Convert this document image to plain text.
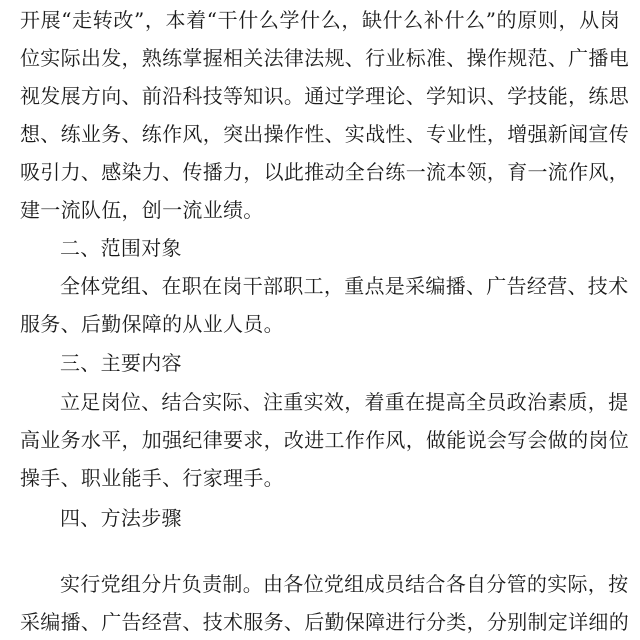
开展“走转改”，本着“干什么学什么，缺什么补什么”的原则，从岗
位实际出发，熟练掌握相关法律法规、行业标准、操作规范、广播电
视发展方向、前沿科技等知识。通过学理论、学知识、学技能，练思
想、练业务、练作风，突出操作性、实战性、专业性，增强新闻宣传
吸引力、感染力、传播力，以此推动全台练一流本领，育一流作风，
建一流队伍，创一流业绩。
二、范围对象
全体党组、在职在岗干部职工，重点是采编播、广告经营、技术
服务、后勤保障的从业人员。
三、主要内容
立足岗位、结合实际、注重实效，着重在提高全员政治素质，提
高业务水平，加强纪律要求，改进工作作风，做能说会写会做的岗位
操手、职业能手、行家理手。
四、方法步骤
实行党组分片负责制。由各位党组成员结合各自分管的实际，按
采编播、广告经营、技术服务、后勤保障进行分类，分别制定详细的
